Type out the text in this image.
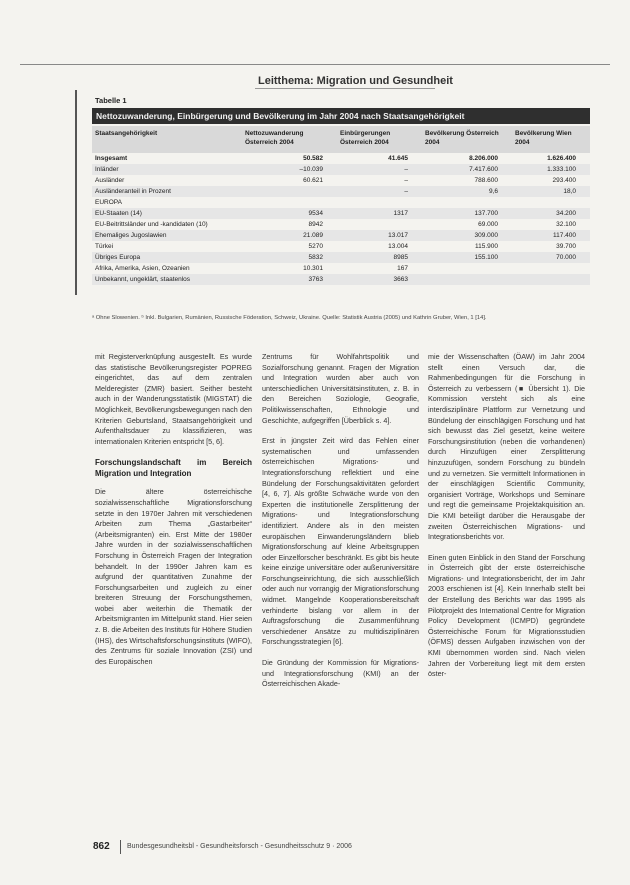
Leitthema: Migration und Gesundheit
Tabelle 1
Nettozuwanderung, Einbürgerung und Bevölkerung im Jahr 2004 nach Staatsangehörigkeit
Staatsangehörigkeit	Nettozuwanderung Österreich 2004	Einbürgerungen Österreich 2004	Bevölkerung Österreich 2004	Bevölkerung Wien 2004
Insgesamt	50.582	41.645	8.206.000	1.626.400
Inländer	–10.039	–	7.417.600	1.333.100
Ausländer	60.621	–	788.600	293.400
Ausländeranteil in Prozent		–	9,6	18,0
EUROPA				
EU-Staaten (14)	9534	1317	137.700	34.200
EU-Beitrittsländer und -kandidaten (10)	8942		69.000	32.100
Ehemaliges Jugoslawien	21.089	13.017	309.000	117.400
Türkei	5270	13.004	115.900	39.700
Übriges Europa	5832	8985	155.100	70.000
Afrika, Amerika, Asien, Ozeanien	10.301	167		
Unbekannt, ungeklärt, staatenlos	3763	3663		
ᵃ Ohne Slowenien. ᵇ Inkl. Bulgarien, Rumänien, Russische Föderation, Schweiz, Ukraine. Quelle: Statistik Austria (2005) und Kathrin Gruber, Wien, 1 [14].

mit Registerverknüpfung ausgestellt. Es wurde das statistische Bevölkerungsregister POPREG eingerichtet, das auf dem zentralen Melderegister (ZMR) basiert. Seither besteht auch in der Wanderungsstatistik (MIGSTAT) die Möglichkeit, Bevölkerungsbewegungen nach den Kriterien Geburtsland, Staatsangehörigkeit und Aufenthaltsdauer zu klassifizieren, was internationalen Kriterien entspricht [5, 6].

Forschungslandschaft im Bereich Migration und Integration

Die ältere österreichische sozialwissenschaftliche Migrationsforschung setzte in den 1970er Jahren mit verschiedenen Arbeiten zum Thema „Gastarbeiter“ (Arbeitsmigranten) ein. Erst Mitte der 1980er Jahre wurden in der sozialwissenschaftlichen Forschung in Österreich Fragen der Integration behandelt. In der 1990er Jahren kam es aufgrund der quantitativen Zunahme der Forschungsarbeiten und zugleich zu einer breiteren Streuung der Forschungsthemen, wobei aber weiterhin die Thematik der Arbeitsmigranten im Mittelpunkt stand. Hier seien z. B. die Arbeiten des Instituts für Höhere Studien (IHS), des Wirtschaftsforschungsinstituts (WIFO), des Zentrums für soziale Innovation (ZSI) und des Europäischen

Zentrums für Wohlfahrtspolitik und Sozialforschung genannt. Fragen der Migration und Integration wurden aber auch von unterschiedlichen Universitätsinstituten, z. B. in den Bereichen Soziologie, Geografie, Politikwissenschaften, Ethnologie und Geschichte, aufgegriffen [Überblick s. 4].

Erst in jüngster Zeit wird das Fehlen einer systematischen und umfassenden österreichischen Migrations- und Integrationsforschung reflektiert und eine Bündelung der Forschungsaktivitäten gefordert [4, 6, 7]. Als größte Schwäche wurde von den Experten die institutionelle Zersplitterung der Migrations- und Integrationsforschung identifiziert. Andere als in den meisten europäischen Einwanderungsländern blieb Migrationsforschung auf kleine Arbeitsgruppen oder Einzelforscher beschränkt. Es gibt bis heute keine einzige universitäre oder außeruniversitäre Forschungseinrichtung, die sich ausschließlich oder auch nur vorrangig der Migrationsforschung widmet. Mangelnde Kooperationsbereitschaft verhinderte bislang vor allem in der Auftragsforschung die Zusammenführung verschiedener Ansätze zu multidisziplinären Forschungsstrategien [6].

Die Gründung der Kommission für Migrations- und Integrationsforschung (KMI) an der Österreichischen Akade-

mie der Wissenschaften (ÖAW) im Jahr 2004 stellt einen Versuch dar, die Rahmenbedingungen für die Forschung in Österreich zu verbessern (■ Übersicht 1). Die Kommission versteht sich als eine interdisziplinäre Plattform zur Vernetzung und Bündelung der einschlägigen Forschung und hat sich bewusst das Ziel gesetzt, keine weitere Forschungsinstitution (neben die vorhandenen) durch Hinzufügen einer Zersplitterung hinzuzufügen, sondern Forschung zu bündeln und zu vernetzen. Sie vermittelt Informationen in der einschlägigen Scientific Community, organisiert Vorträge, Workshops und Seminare und regt die gemeinsame Projektakquisition an. Die KMI beteiligt darüber die Herausgabe der zweiten Österreichischen Migrations- und Integrationsberichts vor.

Einen guten Einblick in den Stand der Forschung in Österreich gibt der erste österreichische Migrations- und Integrationsbericht, der im Jahr 2003 erschienen ist [4]. Kein Innerhalb stellt bei der Erstellung des Berichts war das 1995 als Pilotprojekt des International Centre for Migration Policy Development (ICMPD) gegründete Österreichische Forum für Migrationsstudien (ÖFMS) dessen Aufgaben inzwischen von der KMI übernommen worden sind. Nach vielen Jahren der Vorbereitung liegt mit dem ersten öster-

862 Bundesgesundheitsbl - Gesundheitsforsch - Gesundheitsschutz 9 · 2006
